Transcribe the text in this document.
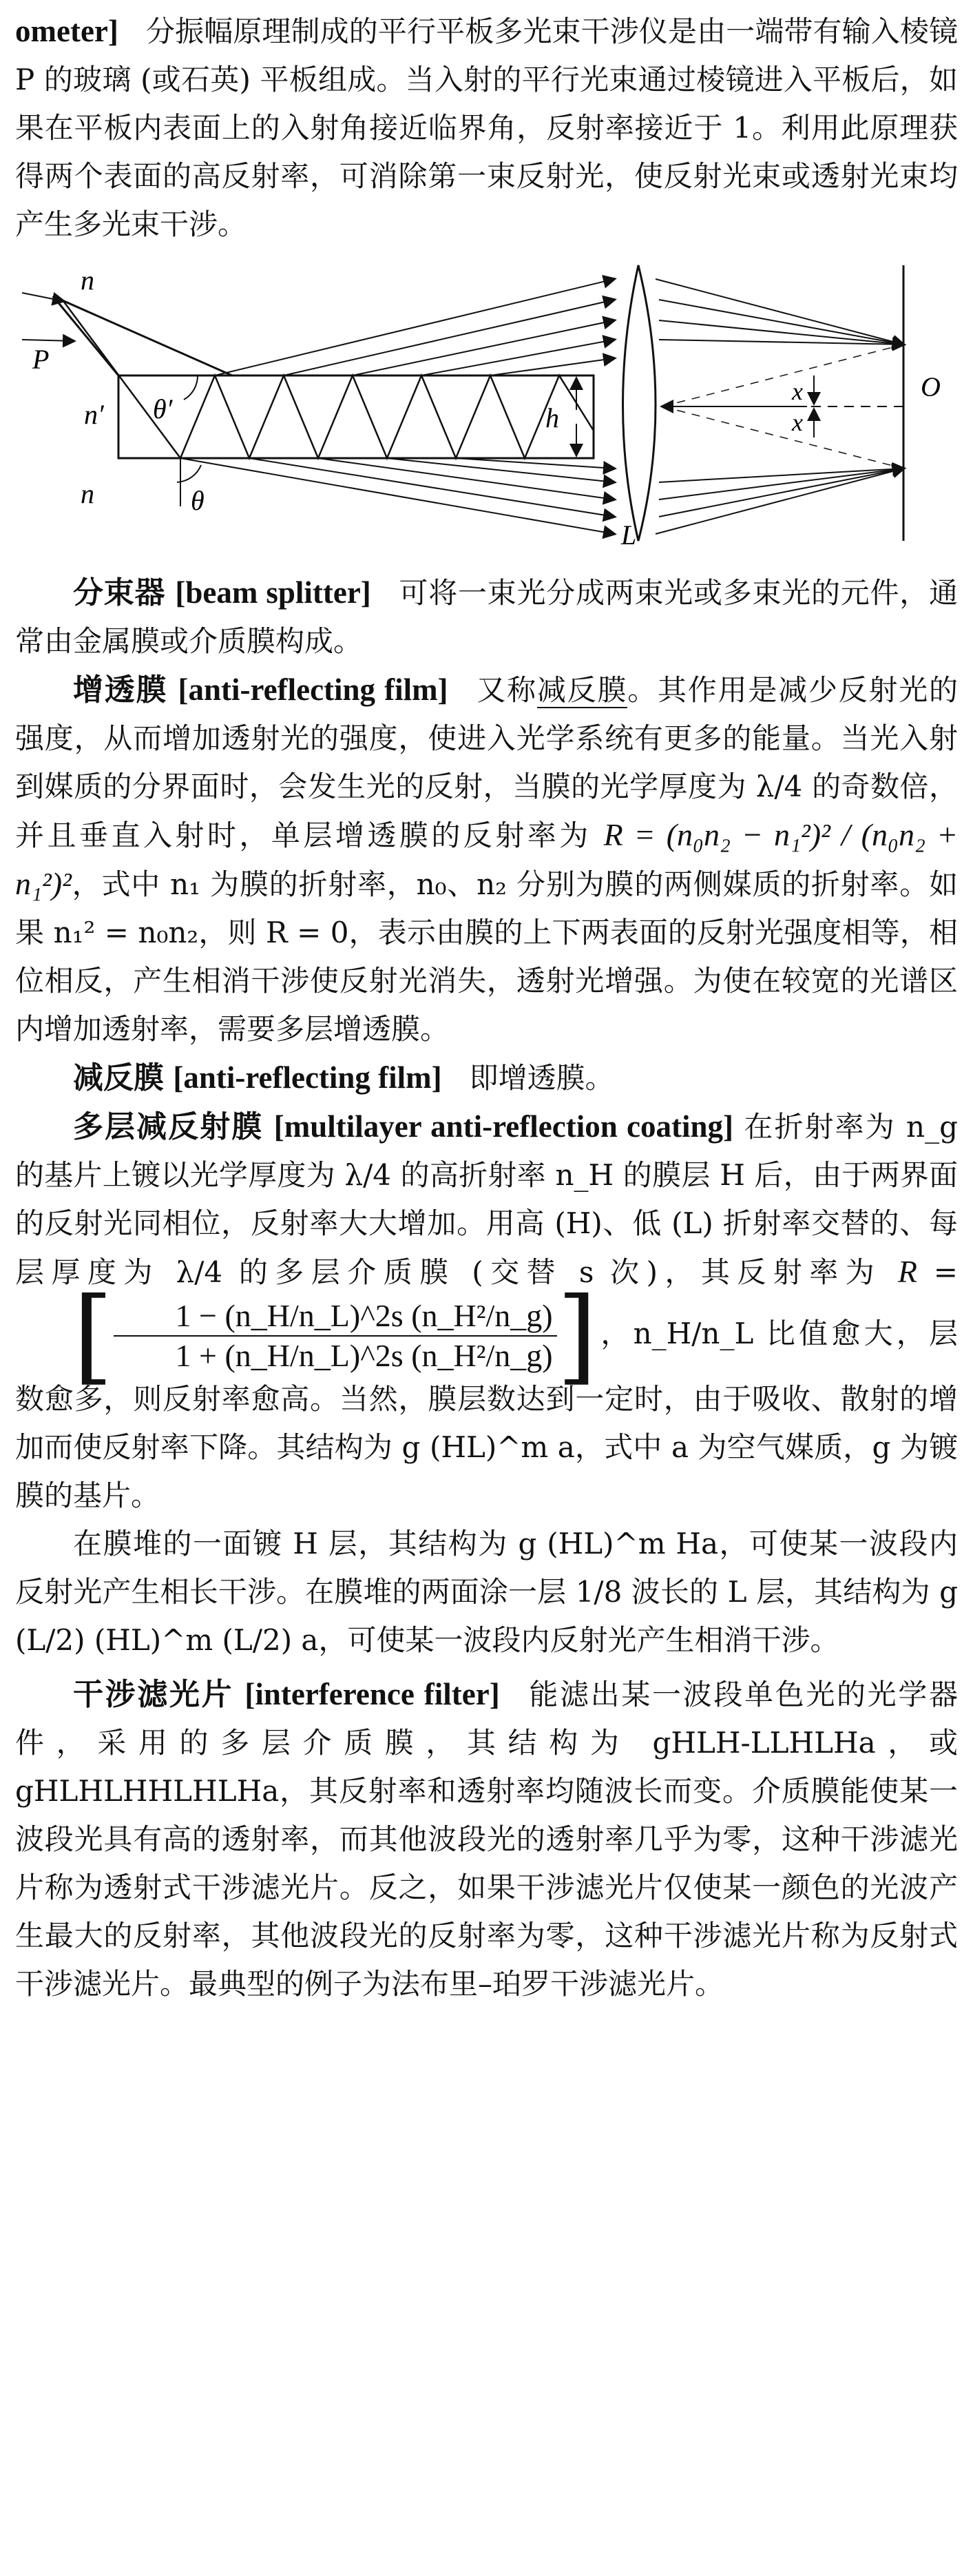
ometer] 分振幅原理制成的平行平板多光束干涉仪是由一端带有输入棱镜 P 的玻璃 (或石英) 平板组成。当入射的平行光束通过棱镜进入平板后，如果在平板内表面上的入射角接近临界角，反射率接近于 1。利用此原理获得两个表面的高反射率，可消除第一束反射光，使反射光束或透射光束均产生多光束干涉。

n
P
n′ θ′
n	θ
h
x
x
O
L

分束器 [beam splitter] 可将一束光分成两束光或多束光的元件，通常由金属膜或介质膜构成。

增透膜 [anti-reflecting film] 又称减反膜。其作用是减少反射光的强度，从而增加透射光的强度，使进入光学系统有更多的能量。当光入射到媒质的分界面时，会发生光的反射，当膜的光学厚度为 λ/4 的奇数倍，并且垂直入射时，单层增透膜的反射率为 R = (n₀n₂ − n₁²)² / (n₀n₂ + n₁²)²，式中 n₁ 为膜的折射率，n₀、n₂ 分别为膜的两侧媒质的折射率。如果 n₁² = n₀n₂，则 R = 0，表示由膜的上下两表面的反射光强度相等，相位相反，产生相消干涉使反射光消失，透射光增强。为使在较宽的光谱区内增加透射率，需要多层增透膜。

减反膜 [anti-reflecting film] 即增透膜。

多层减反射膜 [multilayer anti-reflection coating] 在折射率为 n_g 的基片上镀以光学厚度为 λ/4 的高折射率 n_H 的膜层 H 后，由于两界面的反射光同相位，反射率大大增加。用高 (H)、低 (L) 折射率交替的、每层厚度为 λ/4 的多层介质膜 (交替 s 次)，其反射率为 R = [ $\frac{\text{1 − (n\_H/n\_L)\textasciicircum{}2s (n\_H²/n\_g)}}{\text{1 + (n\_H/n\_L)\textasciicircum{}2s (n\_H²/n\_g)}}$ ]，n_H/n_L 比值愈大，层数愈多，则反射率愈高。当然，膜层数达到一定时，由于吸收、散射的增加而使反射率下降。其结构为 g (HL)^m a，式中 a 为空气媒质，g 为镀膜的基片。

在膜堆的一面镀 H 层，其结构为 g (HL)^m Ha，可使某一波段内反射光产生相长干涉。在膜堆的两面涂一层 1/8 波长的 L 层，其结构为 g (L/2) (HL)^m (L/2) a，可使某一波段内反射光产生相消干涉。

干涉滤光片 [interference filter] 能滤出某一波段单色光的光学器件，采用的多层介质膜，其结构为 gHLH-LLHLHa，或 gHLHLHHLHLHa，其反射率和透射率均随波长而变。介质膜能使某一波段光具有高的透射率，而其他波段光的透射率几乎为零，这种干涉滤光片称为透射式干涉滤光片。反之，如果干涉滤光片仅使某一颜色的光波产生最大的反射率，其他波段光的反射率为零，这种干涉滤光片称为反射式干涉滤光片。最典型的例子为法布里–珀罗干涉滤光片。
